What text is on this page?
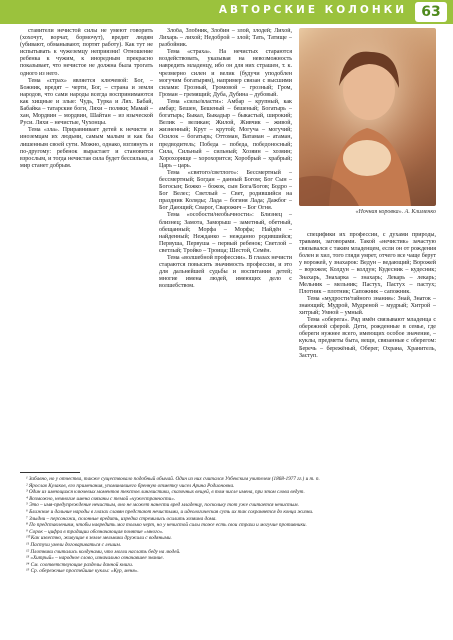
АВТОРСКИЕ КОЛОНКИ	63

ставители нечистой силы не умеют говорить (хохочут, ворчат, бормочут), вредят людям (убивают, обманывают, портят работу). Как тут не испытывать к чужеземцу неприязни! Отношение ребенка к чужим, к иноредным прекрасно показывает, что нечистое не должна была трогать одного из него.

Тема «страх» является ключевой: Бог, – Божник, вредят – черти, Бог, – страна и земля народов, что сами народы всегда воспринимаются как хищные и злые: Чудь, Турка и Лях. Бабай, Бабайка – татарские боги, Ляхи – поляки; Мамай – хан, Мордвин – мордвин, Шайтан – из языческой Руси. Ляхи – нечистые, Чухонцы.

Тема «зла». Приравнивает детей к нечисти и иноземцам их людьми, самым малым и как бы лишенным своей сути. Можно, однако, взглянуть и по-другому: ребенок вырастает и становится взрослым, и тогда нечистая сила будет бессильна, а мир станет добрым.

Злоба, Злобник, Злобин – злой, злодей; Лихой, Лихарь – лихой; Недоброй – злой; Тать, Татище – разбойник.

Тема «страха». На нечистых стараются воздействовать, указывая на невозможность навредить младенцу, ибо он для них страшен, т. к. чрезмерно силен и велик (будучи уподоблен могучим богатырям), например связан с высшими силами: Грозный, Громовой – грозный; Гром, Громан – гремящий; Дуба, Дубина – дубовый.

Тема «силы/власти»: Амбар – крупный, как амбар; Бешен, Бешеный – бешеный; Богатырь – богатырь; Быкал, Быкадыр – быкастый, широкий; Велик – великан; Жилой, Живчик – живой, жизненный; Крут – крутой; Могуча – могучий; Осилок – богатырь; Оттоман, Ватаман – атаман, предводитель; Победа – победа, победоносный; Сила, Сильный – сильный; Хозяин – хозяин; Хорохорище – хорохорится; Хоробрый – храбрый; Царь – царь.

Тема «святого/светлого»: Бессмертный – бессмертный; Богдан – данный Богом; Бог Сын – Богосын; Божко – божок, сын Бога/Богов; Бодро – Бог Велес; Светлый – Свет, родившийся на праздник Коляды; Лада – богиня Лада; Дажбог – Бог Дающий; Сварог, Сварожич – Бог Огня.

Тема «особости/необычности»: Близнец – близнец; Замота, Заморыш – заметный, обетный, обещанный; Морфа – Морфа; Найдён – найденный; Нежданко – нежданно родившийся; Первуша, Первуша – первый ребенок; Светлой – светлый; Тройко – Троица; Шестой, Семён.

Тема «волшебной профессии». В глазах нечисти стараются повысить значимость профессии, и это для дальнейшей судьбы и воспитания детей; многие имена людей, имеющих дело с волшебством.

«Ночная коровка». А. Клименко

специфики их профессии, с духами природы, травами, заговорами. Такой «нечистик» зачастую связывался с таким младенцем, если он от рождения болен и хил, того гляди умрет, отчего все чаще берут у ворожей, у знахарок: Ведун – ведающий; Ворожей – ворожея; Колдун – колдун; Кудесник – кудесник; Знахарь, Знахарка – знахарь; Лекарь – лекарь; Мельник – мельник; Пастух, Пастух – пастух; Плотник – плотник; Сапожник – сапожник.

Тема «мудрости/тайного знания»: Знай, Знаток – знающий; Мудрой, Мудреной – мудрый; Хитрой – хитрый; Умной – умный.

Тема «оберега». Ряд имён связывают младенца с обережной сферой. Дети, рожденные в семье, где обереги нужнее всего, имеющих особое значение, – куклы, предметы быта, вещи, связанные с оберегом: Беречь – бережёный, Оберег, Охрана, Хранитель, Заступ.

¹ Забавно, но у отчества, также существовало подобный обычай. Один из них считался Узбекским учителем (1868-1977 гг.) и т. п.

² Ярослав Кулаков, его примечания, упоминавшего бренную отметку чисел Арина Родионовна.

³ Один из имеющихся ключевых моментов текстов лингвистики, сказочных вещей, в том числе имена, при этом слова ведут.

⁴ Возможно, немногие имена связаны с темой «чужестранности».

⁵ Это – имя-предупреждение нечистым, оно не может нанести вред младенцу, поскольку тот уже считается нечистым.

⁶ Ближние и дальние народы в глазах славян предстают нечистыми, и идеологическая суть их так сохраняется до конца жизни.

⁷ Злыдни – персонажи, склонные вредить, изредка стремились осилить хозяина дома.

⁸ По представлениям, чтобы навредить мог только черт, но у нечистой силы тоже есть свои страхи и могучие противники.

⁹ Сорок – цифра в традиции обозначающая понятие «много».

¹⁰ Как известно, живущие в земле мельники дружили с водяными.

¹¹ Пастухи умели договариваться с лешим.

¹² Плотники считались колдунами, что могли наслать беду на людей.

¹³ «Хитрый» – народное слово, изначально означавшее знание.

¹⁴ См. соответствующие разделы данной книги.

¹⁵ Ср. обережные простейшие куклы: «Кур, меня».
